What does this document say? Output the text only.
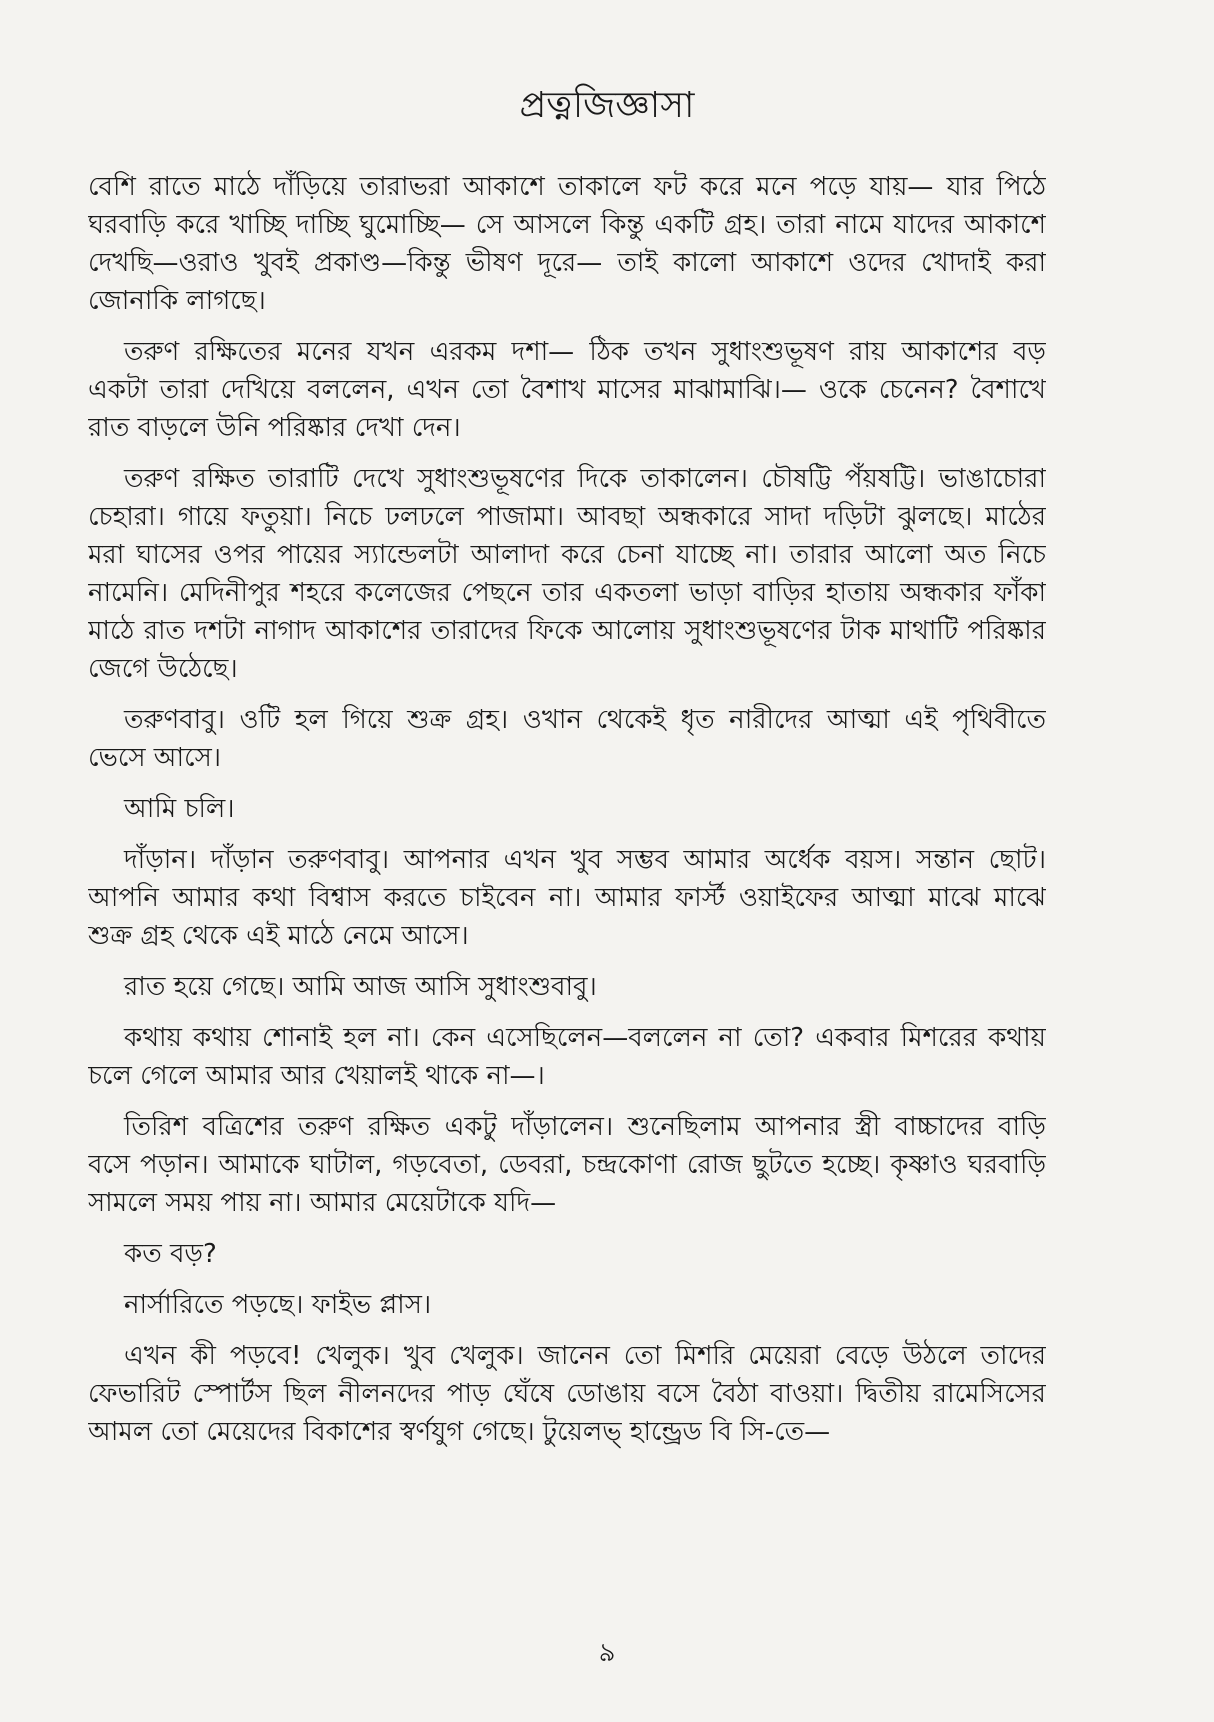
প্রত্নজিজ্ঞাসা
বেশি রাতে মাঠে দাঁড়িয়ে তারাভরা আকাশে তাকালে ফট করে মনে পড়ে যায়— যার পিঠে
ঘরবাড়ি করে খাচ্ছি দাচ্ছি ঘুমোচ্ছি— সে আসলে কিন্তু একটি গ্রহ। তারা নামে যাদের আকাশে
দেখছি—ওরাও খুবই প্রকাণ্ড—কিন্তু ভীষণ দূরে— তাই কালো আকাশে ওদের খোদাই করা
জোনাকি লাগছে।
তরুণ রক্ষিতের মনের যখন এরকম দশা— ঠিক তখন সুধাংশুভূষণ রায় আকাশের বড়
একটা তারা দেখিয়ে বললেন, এখন তো বৈশাখ মাসের মাঝামাঝি।— ওকে চেনেন? বৈশাখে
রাত বাড়লে উনি পরিষ্কার দেখা দেন।
তরুণ রক্ষিত তারাটি দেখে সুধাংশুভূষণের দিকে তাকালেন। চৌষট্টি পঁয়ষট্টি। ভাঙাচোরা
চেহারা। গায়ে ফতুয়া। নিচে ঢলঢলে পাজামা। আবছা অন্ধকারে সাদা দড়িটা ঝুলছে। মাঠের
মরা ঘাসের ওপর পায়ের স্যান্ডেলটা আলাদা করে চেনা যাচ্ছে না। তারার আলো অত নিচে
নামেনি। মেদিনীপুর শহরে কলেজের পেছনে তার একতলা ভাড়া বাড়ির হাতায় অন্ধকার ফাঁকা
মাঠে রাত দশটা নাগাদ আকাশের তারাদের ফিকে আলোয় সুধাংশুভূষণের টাক মাথাটি পরিষ্কার
জেগে উঠেছে।
তরুণবাবু। ওটি হল গিয়ে শুক্র গ্রহ। ওখান থেকেই ধৃত নারীদের আত্মা এই পৃথিবীতে
ভেসে আসে।
আমি চলি।
দাঁড়ান। দাঁড়ান তরুণবাবু। আপনার এখন খুব সম্ভব আমার অর্ধেক বয়স। সন্তান ছোট।
আপনি আমার কথা বিশ্বাস করতে চাইবেন না। আমার ফার্স্ট ওয়াইফের আত্মা মাঝে মাঝে
শুক্র গ্রহ থেকে এই মাঠে নেমে আসে।
রাত হয়ে গেছে। আমি আজ আসি সুধাংশুবাবু।
কথায় কথায় শোনাই হল না। কেন এসেছিলেন—বললেন না তো? একবার মিশরের কথায়
চলে গেলে আমার আর খেয়ালই থাকে না—।
তিরিশ বত্রিশের তরুণ রক্ষিত একটু দাঁড়ালেন। শুনেছিলাম আপনার স্ত্রী বাচ্চাদের বাড়ি
বসে পড়ান। আমাকে ঘাটাল, গড়বেতা, ডেবরা, চন্দ্রকোণা রোজ ছুটতে হচ্ছে। কৃষ্ণাও ঘরবাড়ি
সামলে সময় পায় না। আমার মেয়েটাকে যদি—
কত বড়?
নার্সারিতে পড়ছে। ফাইভ প্লাস।
এখন কী পড়বে! খেলুক। খুব খেলুক। জানেন তো মিশরি মেয়েরা বেড়ে উঠলে তাদের
ফেভারিট স্পোর্টস ছিল নীলনদের পাড় ঘেঁষে ডোঙায় বসে বৈঠা বাওয়া। দ্বিতীয় রামেসিসের
আমল তো মেয়েদের বিকাশের স্বর্ণযুগ গেছে। টুয়েলভ্ হান্ড্রেড বি সি-তে—
৯
